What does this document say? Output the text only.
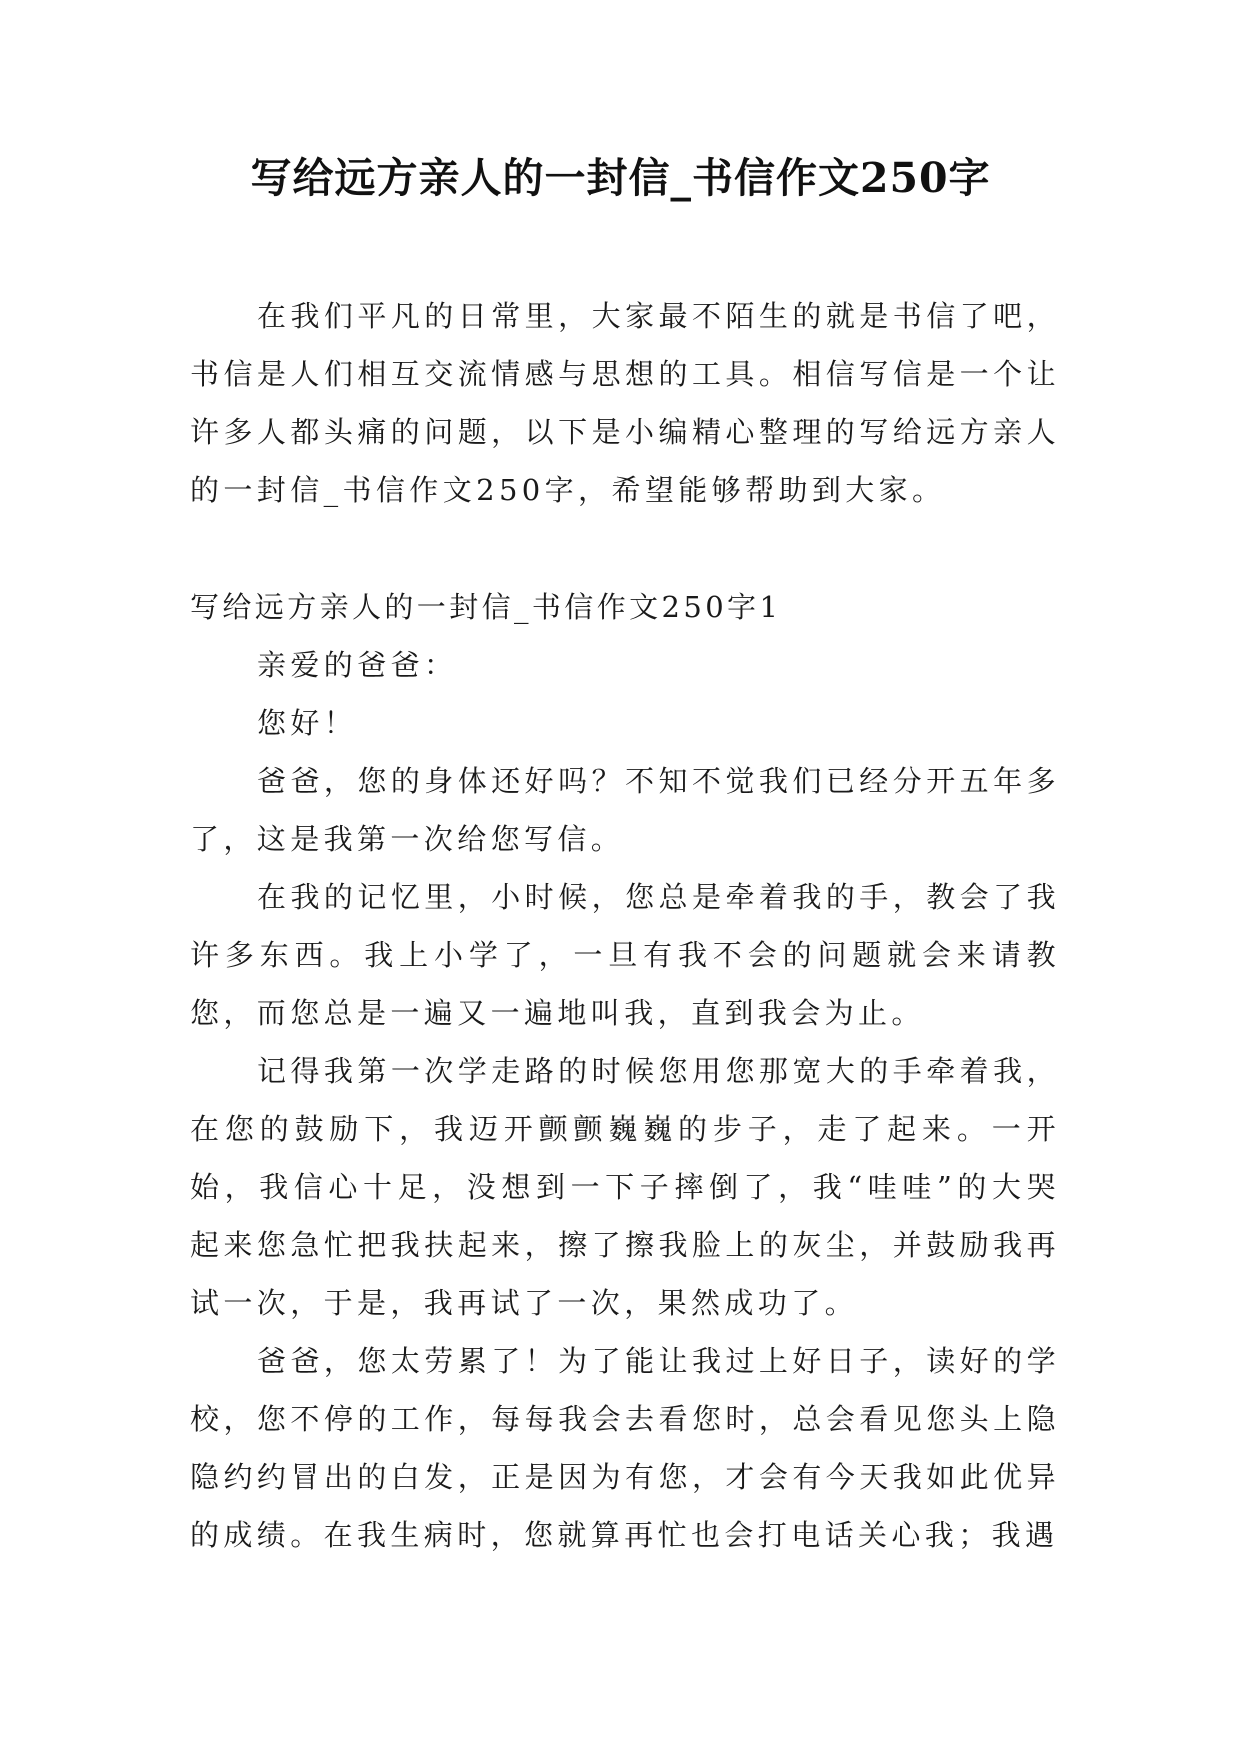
写给远方亲人的一封信_书信作文250字

在我们平凡的日常里，大家最不陌生的就是书信了吧，书信是人们相互交流情感与思想的工具。相信写信是一个让许多人都头痛的问题，以下是小编精心整理的写给远方亲人的一封信_书信作文250字，希望能够帮助到大家。

写给远方亲人的一封信_书信作文250字1

亲爱的爸爸：

您好！

爸爸，您的身体还好吗？不知不觉我们已经分开五年多了，这是我第一次给您写信。

在我的记忆里，小时候，您总是牵着我的手，教会了我许多东西。我上小学了，一旦有我不会的问题就会来请教您，而您总是一遍又一遍地叫我，直到我会为止。

记得我第一次学走路的时候您用您那宽大的手牵着我，在您的鼓励下，我迈开颤颤巍巍的步子，走了起来。一开始，我信心十足，没想到一下子摔倒了，我“哇哇”的大哭起来您急忙把我扶起来，擦了擦我脸上的灰尘，并鼓励我再试一次，于是，我再试了一次，果然成功了。

爸爸，您太劳累了！为了能让我过上好日子，读好的学校，您不停的工作，每每我会去看您时，总会看见您头上隐隐约约冒出的白发，正是因为有您，才会有今天我如此优异的成绩。在我生病时，您就算再忙也会打电话关心我；我遇
